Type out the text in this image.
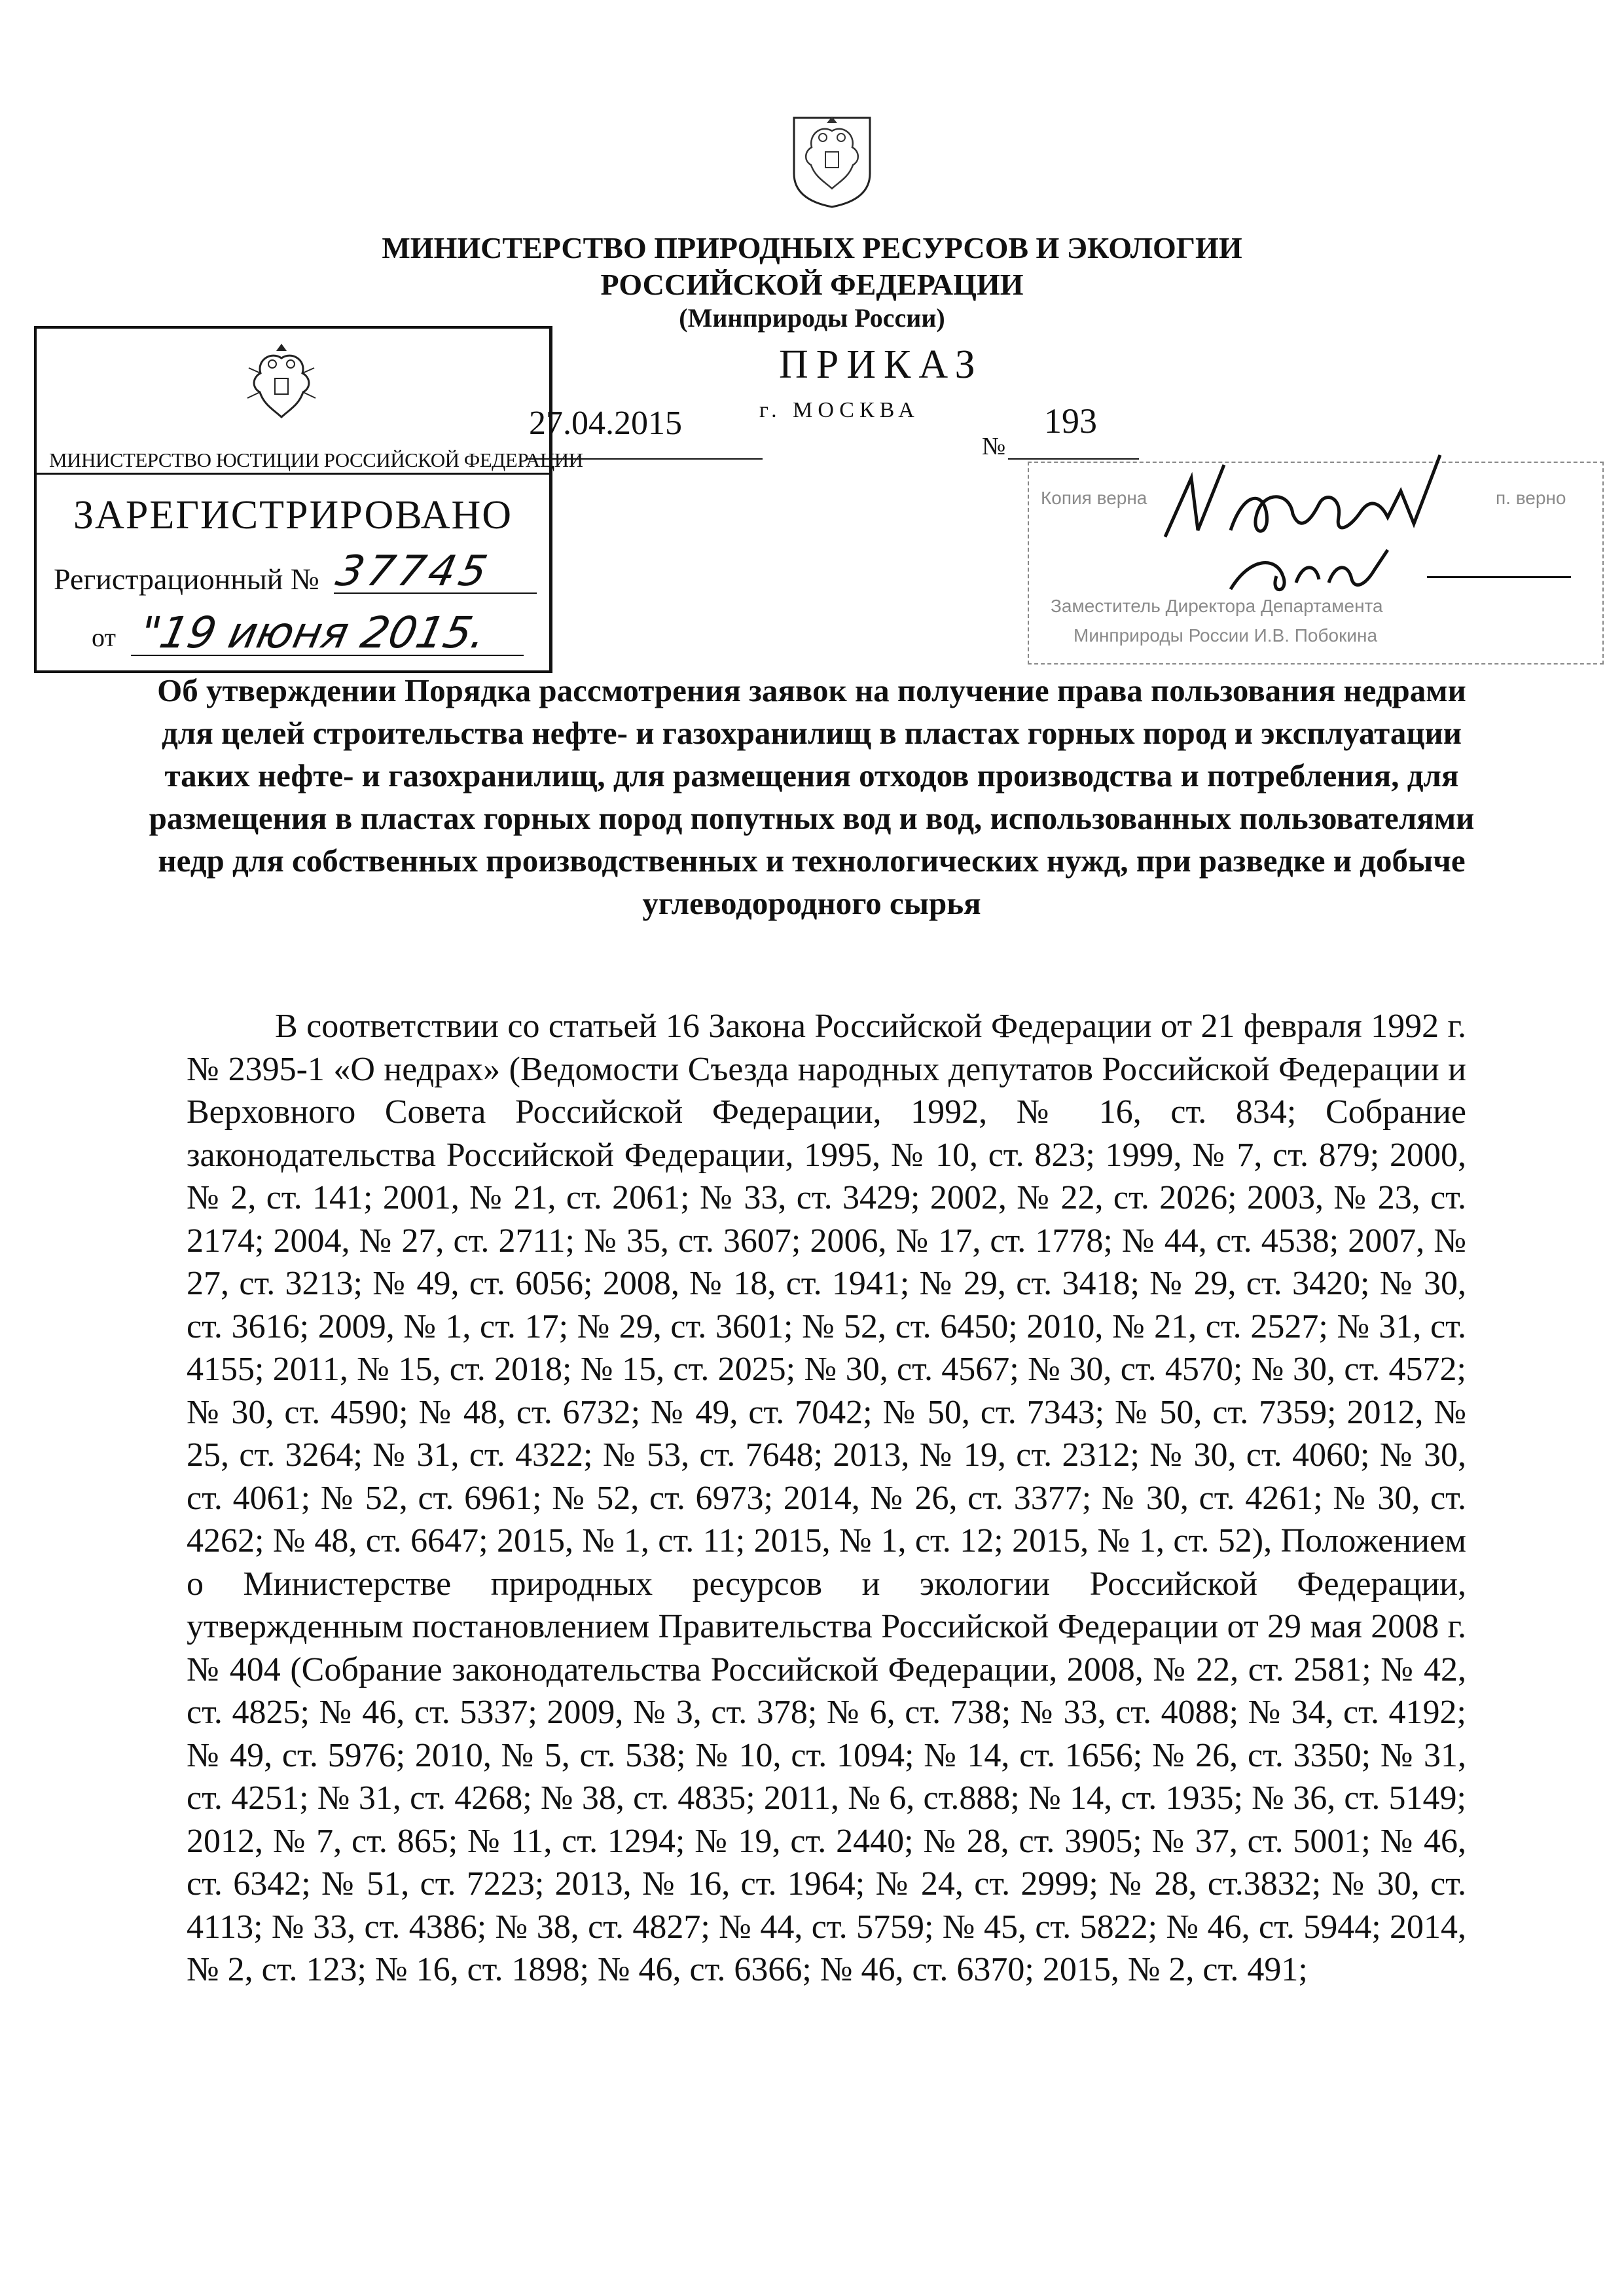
МИНИСТЕРСТВО ПРИРОДНЫХ РЕСУРСОВ И ЭКОЛОГИИ
РОССИЙСКОЙ ФЕДЕРАЦИИ
(Минприроды России)
ПРИКАЗ
г. МОСКВА
27.04.2015
№
193
МИНИСТЕРСТВО ЮСТИЦИИ РОССИЙСКОЙ ФЕДЕРАЦИИ
ЗАРЕГИСТРИРОВАНО
Регистрационный № 37745
от "19 июня 2015.
Копия верна	п. верно
Заместитель Директора Департамента
Минприроды России И.В. Побокина
Об утверждении Порядка рассмотрения заявок на получение права пользования недрами для целей строительства нефте- и газохранилищ в пластах горных пород и эксплуатации таких нефте- и газохранилищ, для размещения отходов производства и потребления, для размещения в пластах горных пород попутных вод и вод, использованных пользователями недр для собственных производственных и технологических нужд, при разведке и добыче углеводородного сырья
В соответствии со статьей 16 Закона Российской Федерации от 21 февраля 1992 г. № 2395-1 «О недрах» (Ведомости Съезда народных депутатов Российской Федерации и Верховного Совета Российской Федерации, 1992, № 16, ст. 834; Собрание законодательства Российской Федерации, 1995, № 10, ст. 823; 1999, № 7, ст. 879; 2000, № 2, ст. 141; 2001, № 21, ст. 2061; № 33, ст. 3429; 2002, № 22, ст. 2026; 2003, № 23, ст. 2174; 2004, № 27, ст. 2711; № 35, ст. 3607; 2006, № 17, ст. 1778; № 44, ст. 4538; 2007, № 27, ст. 3213; № 49, ст. 6056; 2008, № 18, ст. 1941; № 29, ст. 3418; № 29, ст. 3420; № 30, ст. 3616; 2009, № 1, ст. 17; № 29, ст. 3601; № 52, ст. 6450; 2010, № 21, ст. 2527; № 31, ст. 4155; 2011, № 15, ст. 2018; № 15, ст. 2025; № 30, ст. 4567; № 30, ст. 4570; № 30, ст. 4572; № 30, ст. 4590; № 48, ст. 6732; № 49, ст. 7042; № 50, ст. 7343; № 50, ст. 7359; 2012, № 25, ст. 3264; № 31, ст. 4322; № 53, ст. 7648; 2013, № 19, ст. 2312; № 30, ст. 4060; № 30, ст. 4061; № 52, ст. 6961; № 52, ст. 6973; 2014, № 26, ст. 3377; № 30, ст. 4261; № 30, ст. 4262; № 48, ст. 6647; 2015, № 1, ст. 11; 2015, № 1, ст. 12; 2015, № 1, ст. 52), Положением о Министерстве природных ресурсов и экологии Российской Федерации, утвержденным постановлением Правительства Российской Федерации от 29 мая 2008 г. № 404 (Собрание законодательства Российской Федерации, 2008, № 22, ст. 2581; № 42, ст. 4825; № 46, ст. 5337; 2009, № 3, ст. 378; № 6, ст. 738; № 33, ст. 4088; № 34, ст. 4192; № 49, ст. 5976; 2010, № 5, ст. 538; № 10, ст. 1094; № 14, ст. 1656; № 26, ст. 3350; № 31, ст. 4251; № 31, ст. 4268; № 38, ст. 4835; 2011, № 6, ст.888; № 14, ст. 1935; № 36, ст. 5149; 2012, № 7, ст. 865; № 11, ст. 1294; № 19, ст. 2440; № 28, ст. 3905; № 37, ст. 5001; № 46, ст. 6342; № 51, ст. 7223; 2013, № 16, ст. 1964; № 24, ст. 2999; № 28, ст.3832; № 30, ст. 4113; № 33, ст. 4386; № 38, ст. 4827; № 44, ст. 5759; № 45, ст. 5822; № 46, ст. 5944; 2014, № 2, ст. 123; № 16, ст. 1898; № 46, ст. 6366; № 46, ст. 6370; 2015, № 2, ст. 491;
